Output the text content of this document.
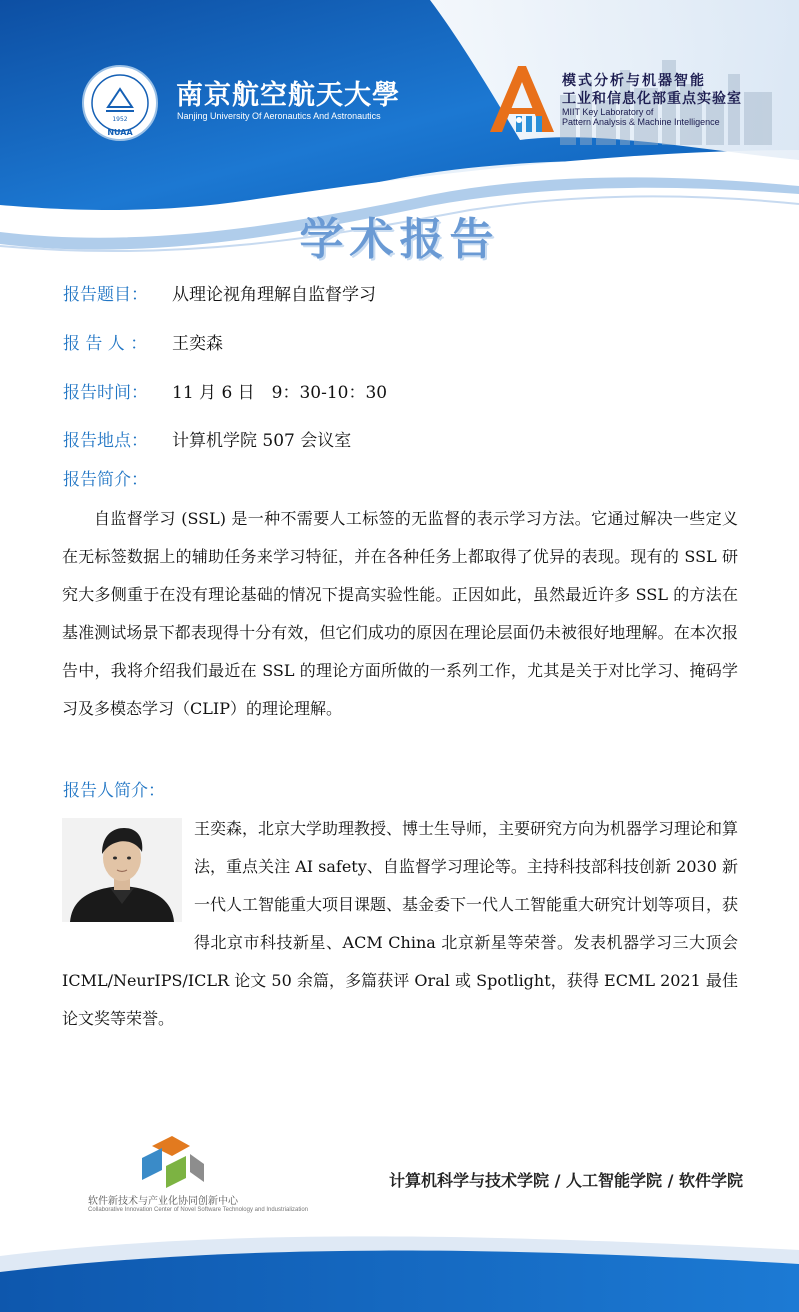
1952
NUAA
南京航空航天大學
Nanjing University Of Aeronautics And Astronautics
模式分析与机器智能
工业和信息化部重点实验室
MIIT Key Laboratory of
Pattern Analysis & Machine Intelligence
学术报告
报告题目： 从理论视角理解自监督学习
报 告 人 ： 王奕森
报告时间： 11 月 6 日　9：30-10：30
报告地点： 计算机学院 507 会议室
报告简介：

自监督学习 (SSL) 是一种不需要人工标签的无监督的表示学习方法。它通过解决一些定义在无标签数据上的辅助任务来学习特征，并在各种任务上都取得了优异的表现。现有的 SSL 研究大多侧重于在没有理论基础的情况下提高实验性能。正因如此，虽然最近许多 SSL 的方法在基准测试场景下都表现得十分有效，但它们成功的原因在理论层面仍未被很好地理解。在本次报告中，我将介绍我们最近在 SSL 的理论方面所做的一系列工作，尤其是关于对比学习、掩码学习及多模态学习（CLIP）的理论理解。

报告人简介：
王奕森，北京大学助理教授、博士生导师，主要研究方向为机器学习理论和算法，重点关注 AI safety、自监督学习理论等。主持科技部科技创新 2030 新一代人工智能重大项目课题、基金委下一代人工智能重大研究计划等项目，获得北京市科技新星、ACM China 北京新星等荣誉。发表机器学习三大顶会 ICML/NeurIPS/ICLR 论文 50 余篇，多篇获评 Oral 或 Spotlight，获得 ECML 2021 最佳论文奖等荣誉。
软件新技术与产业化协同创新中心
Collaborative Innovation Center of Novel Software Technology and Industrialization
计算机科学与技术学院 / 人工智能学院 / 软件学院
